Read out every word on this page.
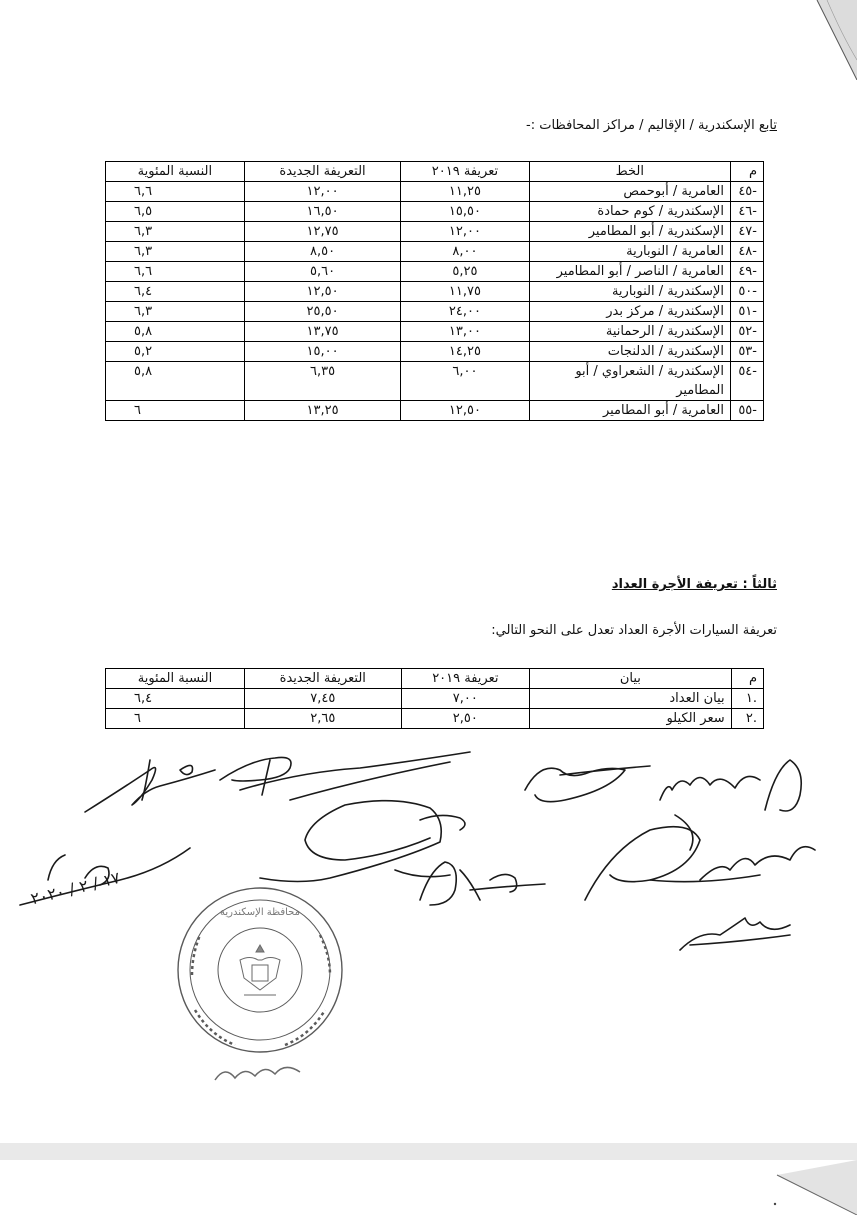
تابع الإسكندرية / الإقاليم / مراكز المحافظات :-
م	الخط	تعريفة ٢٠١٩	التعريفة الجديدة	النسبة المئوية
-٤٥	العامرية / أبوحمص	١١,٢٥	١٢,٠٠	٦,٦
-٤٦	الإسكندرية / كوم حمادة	١٥,٥٠	١٦,٥٠	٦,٥
-٤٧	الإسكندرية / أبو المطامير	١٢,٠٠	١٢,٧٥	٦,٣
-٤٨	العامرية / النوبارية	٨,٠٠	٨,٥٠	٦,٣
-٤٩	العامرية / الناصر / أبو المطامير	٥,٢٥	٥,٦٠	٦,٦
-٥٠	الإسكندرية / النوبارية	١١,٧٥	١٢,٥٠	٦,٤
-٥١	الإسكندرية / مركز بدر	٢٤,٠٠	٢٥,٥٠	٦,٣
-٥٢	الإسكندرية / الرحمانية	١٣,٠٠	١٣,٧٥	٥,٨
-٥٣	الإسكندرية / الدلنجات	١٤,٢٥	١٥,٠٠	٥,٢
-٥٤	الإسكندرية / الشعراوي / أبو المطامير	٦,٠٠	٦,٣٥	٥,٨
-٥٥	العامرية / أبو المطامير	١٢,٥٠	١٣,٢٥	٦
ثالثاً : تعريفة الأجرة العداد
تعريفة السيارات الأجرة العداد تعدل على النحو التالي:
م	بيان	تعريفة ٢٠١٩	التعريفة الجديدة	النسبة المئوية
.١	بيان العداد	٧,٠٠	٧,٤٥	٦,٤
.٢	سعر الكيلو	٢,٥٠	٢,٦٥	٦
١٧ / ٢ / ٢٠٢٠
محافظة الإسكندرية
